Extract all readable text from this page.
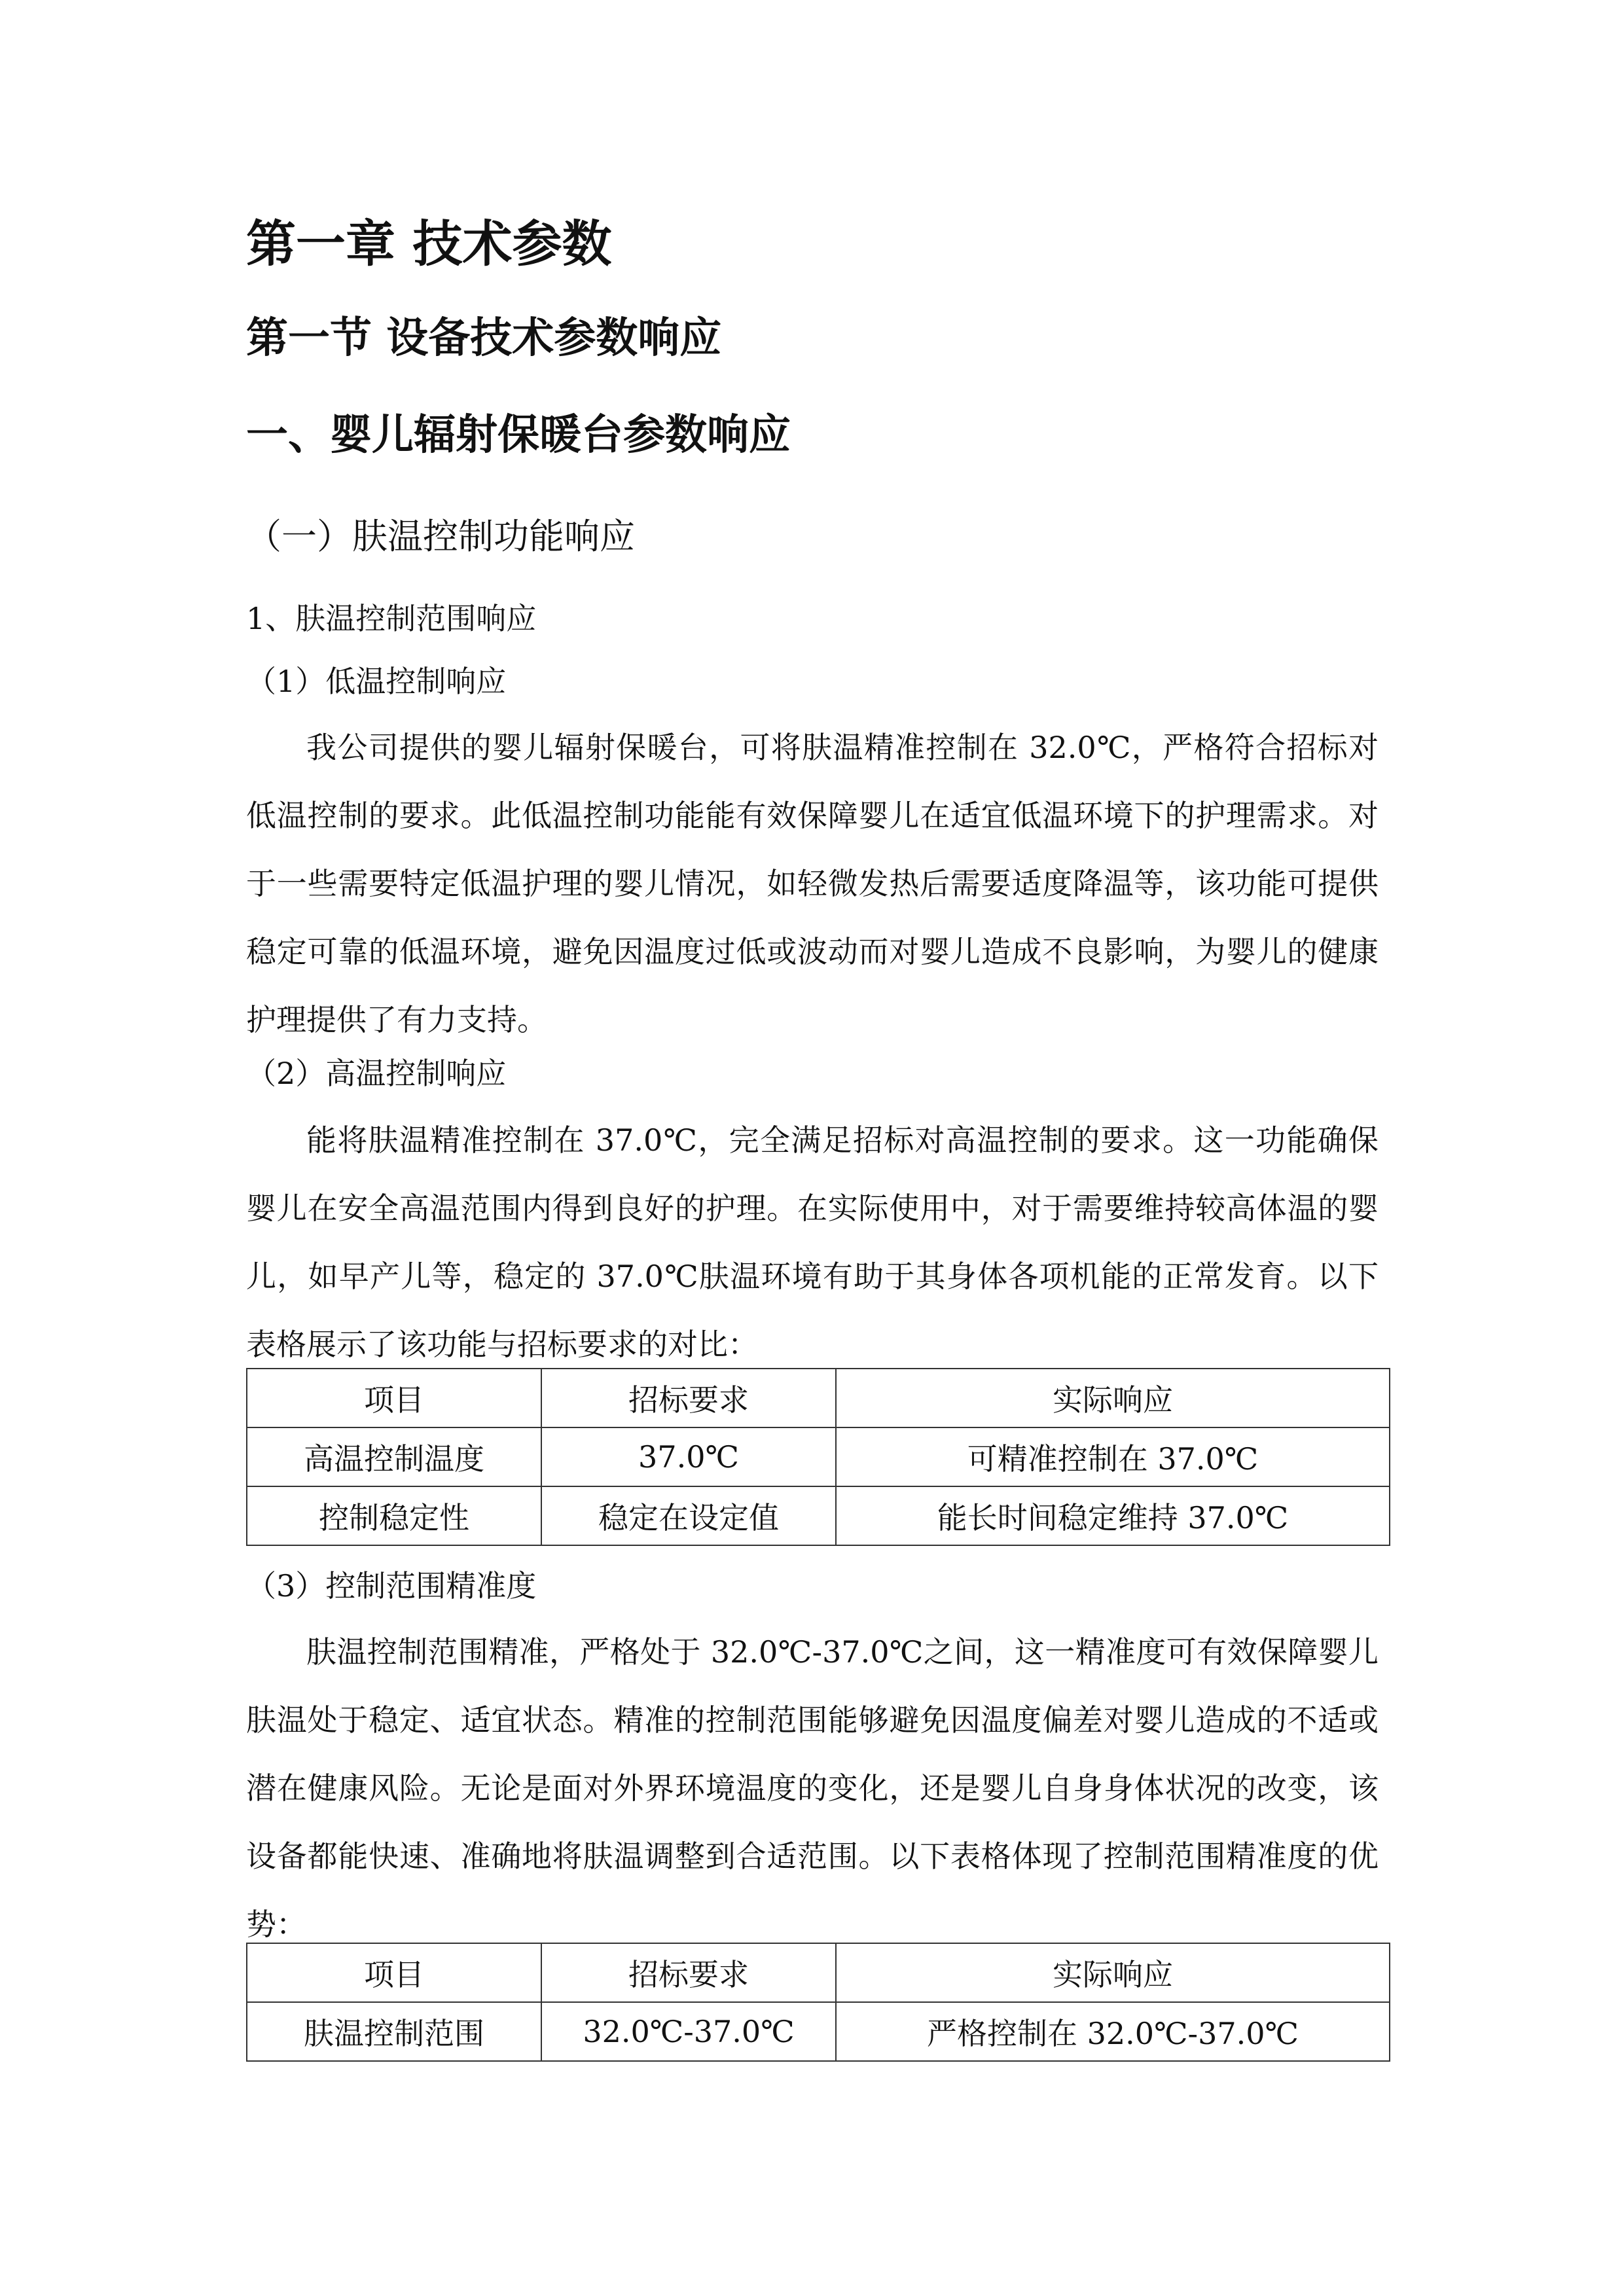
第一章 技术参数
第一节 设备技术参数响应
一、婴儿辐射保暖台参数响应
（一）肤温控制功能响应
1、肤温控制范围响应
（1）低温控制响应

我公司提供的婴儿辐射保暖台，可将肤温精准控制在 32.0℃，严格符合招标对低温控制的要求。此低温控制功能能有效保障婴儿在适宜低温环境下的护理需求。对于一些需要特定低温护理的婴儿情况，如轻微发热后需要适度降温等，该功能可提供稳定可靠的低温环境，避免因温度过低或波动而对婴儿造成不良影响，为婴儿的健康护理提供了有力支持。

（2）高温控制响应

能将肤温精准控制在 37.0℃，完全满足招标对高温控制的要求。这一功能确保婴儿在安全高温范围内得到良好的护理。在实际使用中，对于需要维持较高体温的婴儿，如早产儿等，稳定的 37.0℃肤温环境有助于其身体各项机能的正常发育。以下表格展示了该功能与招标要求的对比：

项目	招标要求	实际响应
高温控制温度	37.0℃	可精准控制在 37.0℃
控制稳定性	稳定在设定值	能长时间稳定维持 37.0℃
（3）控制范围精准度

肤温控制范围精准，严格处于 32.0℃-37.0℃之间，这一精准度可有效保障婴儿肤温处于稳定、适宜状态。精准的控制范围能够避免因温度偏差对婴儿造成的不适或潜在健康风险。无论是面对外界环境温度的变化，还是婴儿自身身体状况的改变，该设备都能快速、准确地将肤温调整到合适范围。以下表格体现了控制范围精准度的优势：

项目	招标要求	实际响应
肤温控制范围	32.0℃-37.0℃	严格控制在 32.0℃-37.0℃
